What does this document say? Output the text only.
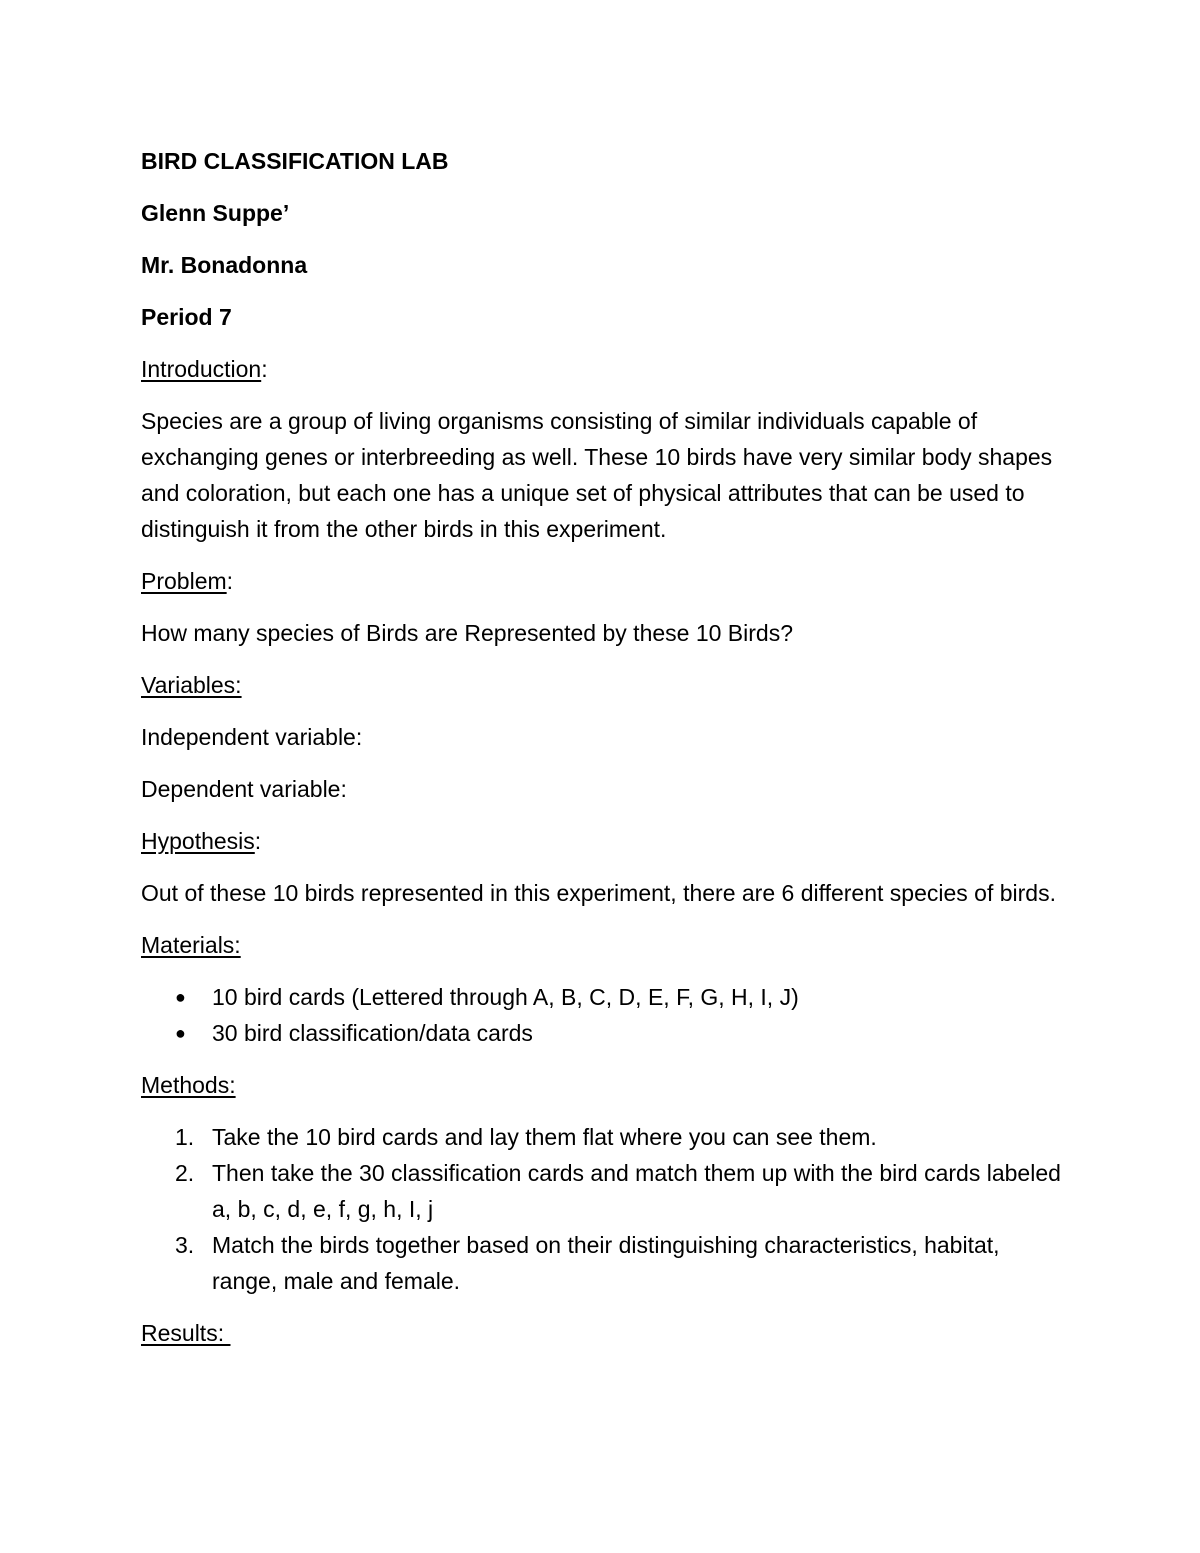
BIRD CLASSIFICATION LAB

Glenn Suppe’

Mr. Bonadonna

Period 7

Introduction:

Species are a group of living organisms consisting of similar individuals capable of exchanging genes or interbreeding as well. These 10 birds have very similar body shapes and coloration, but each one has a unique set of physical attributes that can be used to distinguish it from the other birds in this experiment.

Problem:

How many species of Birds are Represented by these 10 Birds?

Variables:

Independent variable:

Dependent variable:

Hypothesis:

Out of these 10 birds represented in this experiment, there are 6 different species of birds.

Materials:

● 10 bird cards (Lettered through A, B, C, D, E, F, G, H, I, J)
● 30 bird classification/data cards

Methods:

1. Take the 10 bird cards and lay them flat where you can see them.
2. Then take the 30 classification cards and match them up with the bird cards labeled a, b, c, d, e, f, g, h, I, j
3. Match the birds together based on their distinguishing characteristics, habitat, range, male and female.

Results:
